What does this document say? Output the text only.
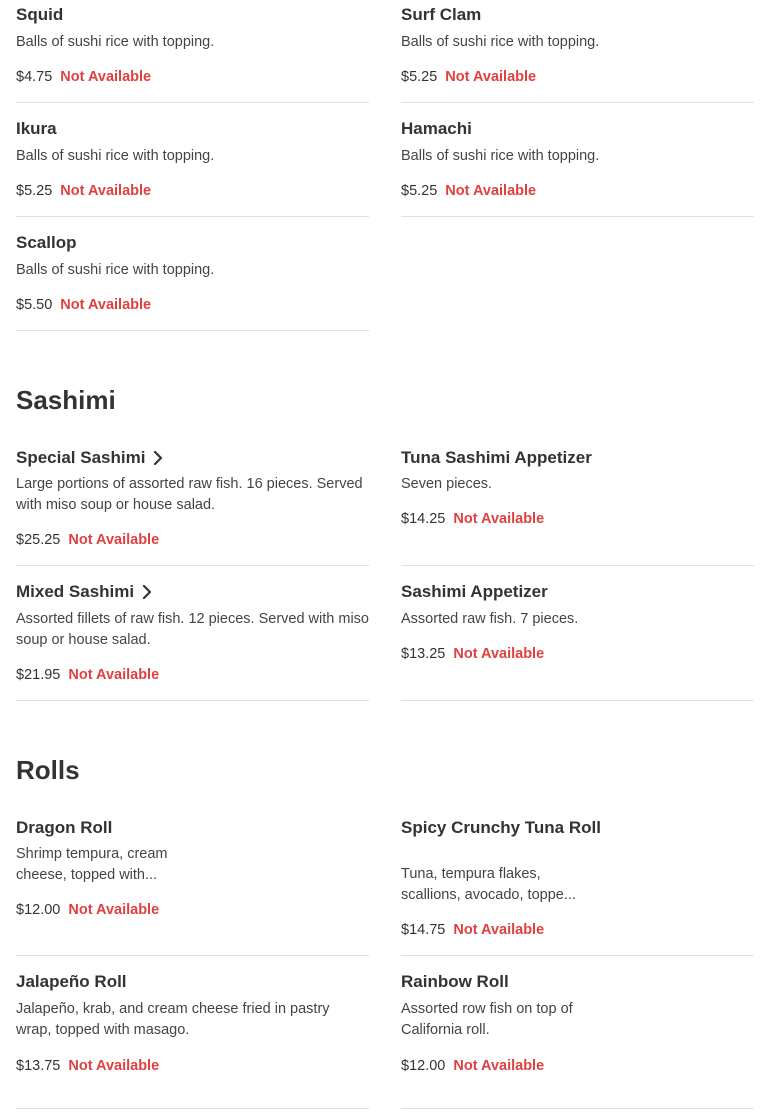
Squid

Balls of sushi rice with topping.

$4.75 Not Available
Surf Clam

Balls of sushi rice with topping.

$5.25 Not Available
Ikura

Balls of sushi rice with topping.

$5.25 Not Available
Hamachi

Balls of sushi rice with topping.

$5.25 Not Available
Scallop

Balls of sushi rice with topping.

$5.50 Not Available
Sashimi
Special Sashimi

Large portions of assorted raw fish. 16 pieces. Served with miso soup or house salad.

$25.25 Not Available
Tuna Sashimi Appetizer

Seven pieces.

$14.25 Not Available
Mixed Sashimi

Assorted fillets of raw fish. 12 pieces. Served with miso soup or house salad.

$21.95 Not Available
Sashimi Appetizer

Assorted raw fish. 7 pieces.

$13.25 Not Available
Rolls
Dragon Roll

Shrimp tempura, cream cheese, topped with...

$12.00 Not Available
Spicy Crunchy Tuna Roll

Tuna, tempura flakes, scallions, avocado, toppe...

$14.75 Not Available
Jalapeño Roll

Jalapeño, krab, and cream cheese fried in pastry wrap, topped with masago.

$13.75 Not Available
Rainbow Roll

Assorted row fish on top of California roll.

$12.00 Not Available
